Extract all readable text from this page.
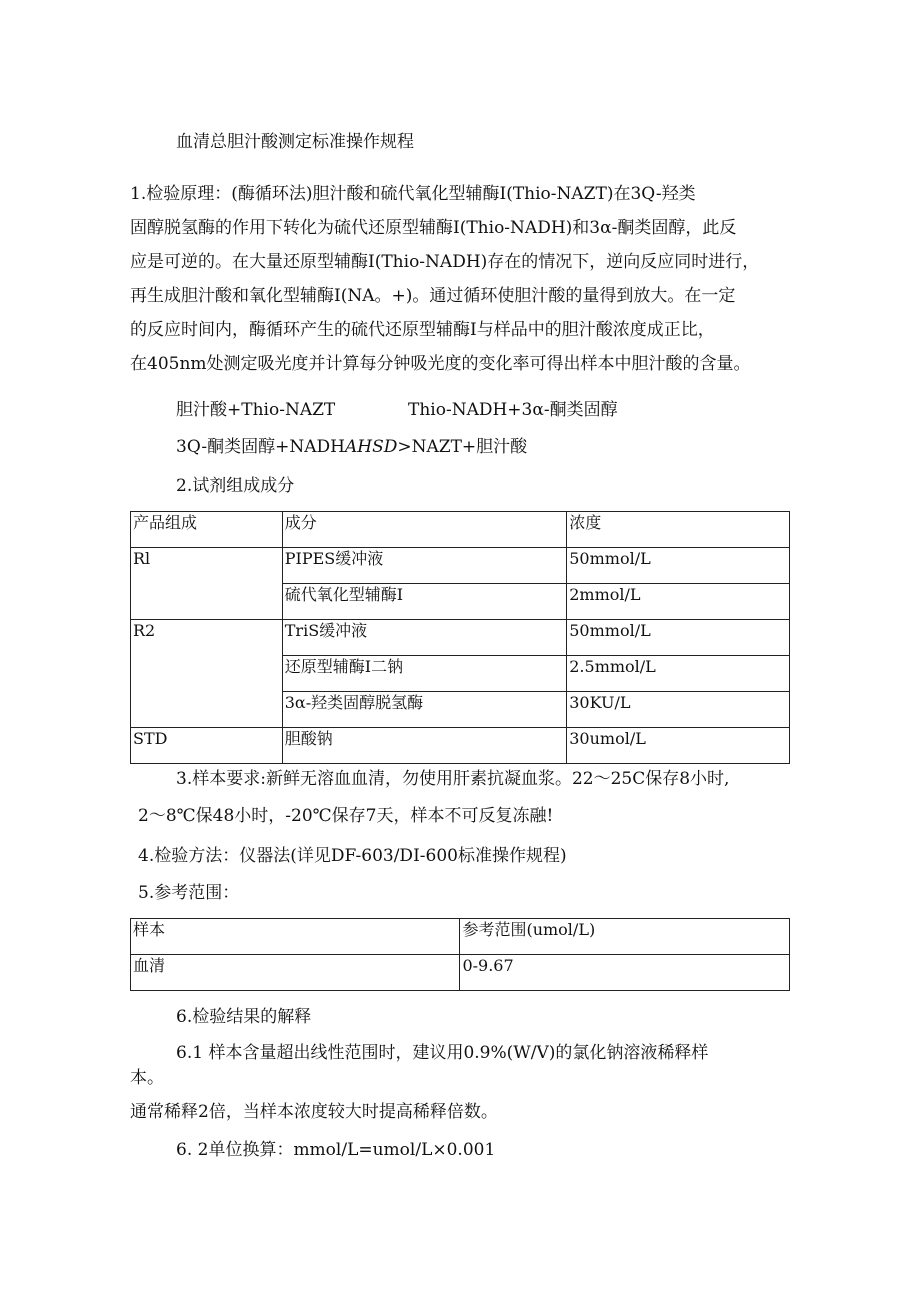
血清总胆汁酸测定标准操作规程

1.检验原理：(酶循环法)胆汁酸和硫代氧化型辅酶Ⅰ(Thio-NAZT)在3Q-羟类

固醇脱氢酶的作用下转化为硫代还原型辅酶Ⅰ(Thio-NADH)和3α-酮类固醇，此反

应是可逆的。在大量还原型辅酶Ⅰ(Thio-NADH)存在的情况下，逆向反应同时进行，

再生成胆汁酸和氧化型辅酶Ⅰ(NA。+)。通过循环使胆汁酸的量得到放大。在一定

的反应时间内，酶循环产生的硫代还原型辅酶Ⅰ与样品中的胆汁酸浓度成正比，

在405nm处测定吸光度并计算每分钟吸光度的变化率可得出样本中胆汁酸的含量。

胆汁酸+Thio-NAZT	Thio-NADH+3α-酮类固醇
3Q-酮类固醇+NADHAHSD>NAZT+胆汁酸
2.试剂组成成分
产品组成	成分	浓度
Rl	PIPES缓冲液	50mmol/L
	硫代氧化型辅酶Ⅰ	2mmol/L
R2	TriS缓冲液	50mmol/L
	还原型辅酶Ⅰ二钠	2.5mmol/L
	3α-羟类固醇脱氢酶	30KU/L
STD	胆酸钠	30umol/L
3.样本要求:新鲜无溶血血清，勿使用肝素抗凝血浆。22～25C保存8小时,
2～8℃保48小时，-20℃保存7天，样本不可反复冻融!
4.检验方法：仪器法(详见DF-603/DI-600标准操作规程)
5.参考范围：
样本	参考范围(umol/L)
血清	0-9.67
6.检验结果的解释
6.1 样本含量超出线性范围时，建议用0.9%(W/V)的氯化钠溶液稀释样
本。
通常稀释2倍，当样本浓度较大时提高稀释倍数。
6. 2单位换算：mmol/L=umol/L×0.001
